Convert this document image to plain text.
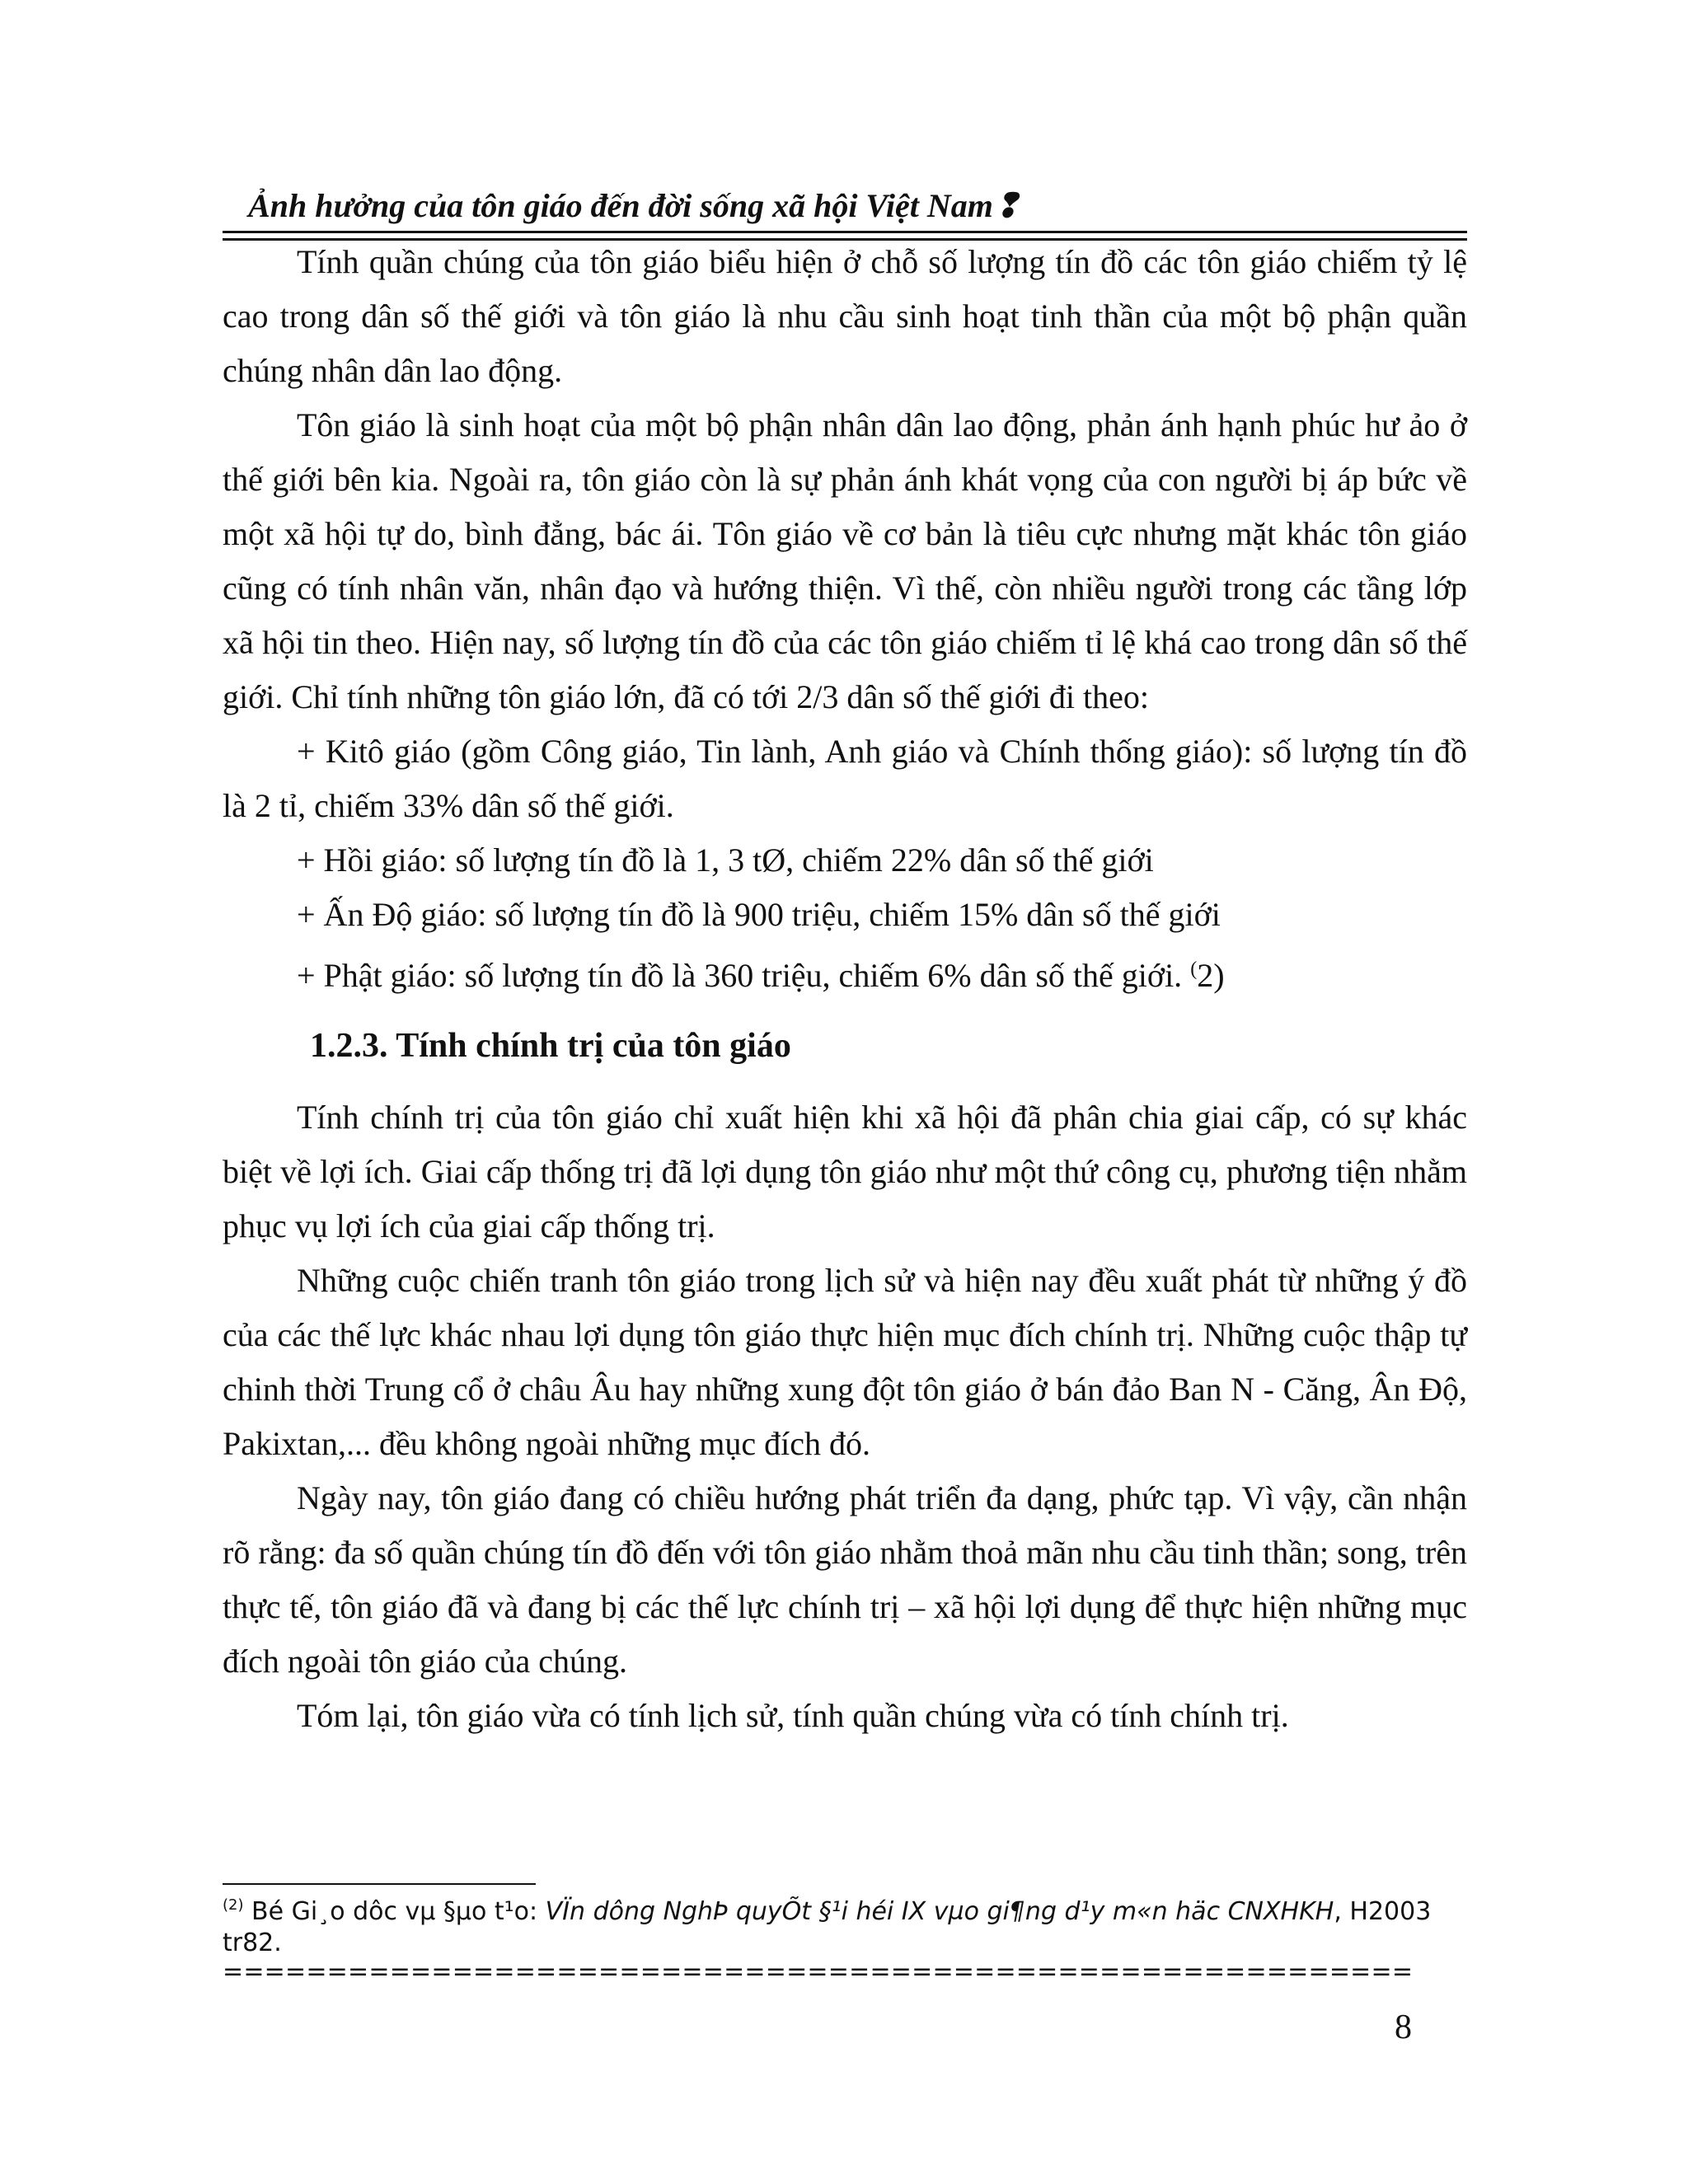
Ảnh hưởng của tôn giáo đến đời sống xã hội Việt Nam❢

Tính quần chúng của tôn giáo biểu hiện ở chỗ số lượng tín đồ các tôn giáo chiếm tỷ lệ cao trong dân số thế giới và tôn giáo là nhu cầu sinh hoạt tinh thần của một bộ phận quần chúng nhân dân lao động.

Tôn giáo là sinh hoạt của một bộ phận nhân dân lao động, phản ánh hạnh phúc hư ảo ở thế giới bên kia. Ngoài ra, tôn giáo còn là sự phản ánh khát vọng của con người bị áp bức về một xã hội tự do, bình đẳng, bác ái. Tôn giáo về cơ bản là tiêu cực nhưng mặt khác tôn giáo cũng có tính nhân văn, nhân đạo và hướng thiện. Vì thế, còn nhiều người trong các tầng lớp xã hội tin theo. Hiện nay, số lượng tín đồ của các tôn giáo chiếm tỉ lệ khá cao trong dân số thế giới. Chỉ tính những tôn giáo lớn, đã có tới 2/3 dân số thế giới đi theo:

+ Kitô giáo (gồm Công giáo, Tin lành, Anh giáo và Chính thống giáo): số lượng tín đồ là 2 tỉ, chiếm 33% dân số thế giới.

+ Hồi giáo: số lượng tín đồ là 1, 3 tØ, chiếm 22% dân số thế giới

+ Ấn Độ giáo: số lượng tín đồ là 900 triệu, chiếm 15% dân số thế giới

+ Phật giáo: số lượng tín đồ là 360 triệu, chiếm 6% dân số thế giới. (2)

1.2.3. Tính chính trị của tôn giáo

Tính chính trị của tôn giáo chỉ xuất hiện khi xã hội đã phân chia giai cấp, có sự khác biệt về lợi ích. Giai cấp thống trị đã lợi dụng tôn giáo như một thứ công cụ, phương tiện nhằm phục vụ lợi ích của giai cấp thống trị.

Những cuộc chiến tranh tôn giáo trong lịch sử và hiện nay đều xuất phát từ những ý đồ của các thế lực khác nhau lợi dụng tôn giáo thực hiện mục đích chính trị. Những cuộc thập tự chinh thời Trung cổ ở châu Âu hay những xung đột tôn giáo ở bán đảo Ban N - Căng, Ân Độ, Pakixtan,... đều không ngoài những mục đích đó.

Ngày nay, tôn giáo đang có chiều hướng phát triển đa dạng, phức tạp. Vì vậy, cần nhận rõ rằng: đa số quần chúng tín đồ đến với tôn giáo nhằm thoả mãn nhu cầu tinh thần; song, trên thực tế, tôn giáo đã và đang bị các thế lực chính trị – xã hội lợi dụng để thực hiện những mục đích ngoài tôn giáo của chúng.

Tóm lại, tôn giáo vừa có tính lịch sử, tính quần chúng vừa có tính chính trị.

$^{(2)}$ Bé Gi¸o dôc vµ §µo t¹o: VÏn dông NghÞ quyÕt §¹i héi IX vµo gi¶ng d¹y m«n häc CNXHKH, H2003 tr82.
=========================================================
8
